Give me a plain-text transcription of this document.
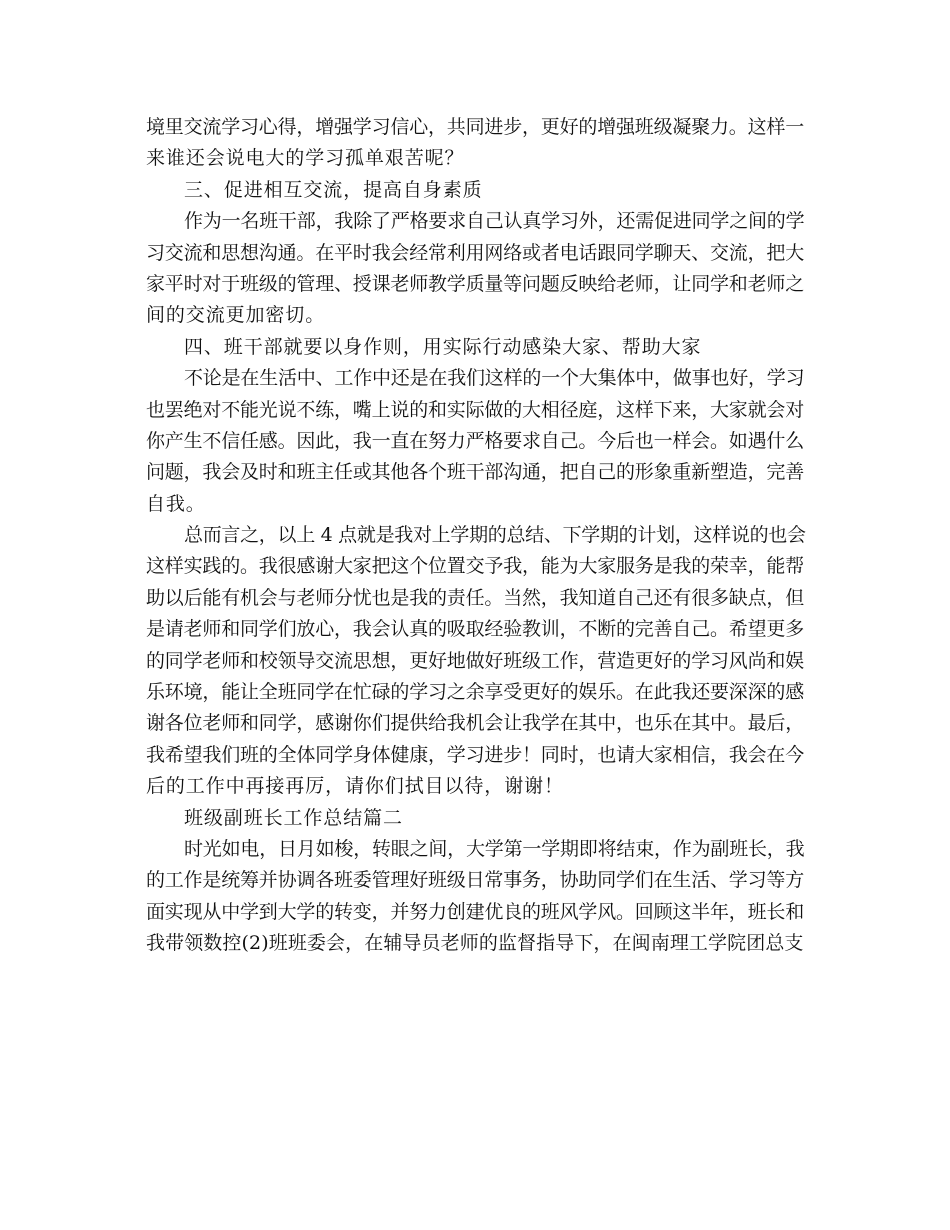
境里交流学习心得，增强学习信心，共同进步，更好的增强班级凝聚力。这样一
来谁还会说电大的学习孤单艰苦呢？
三、促进相互交流，提高自身素质
作为一名班干部，我除了严格要求自己认真学习外，还需促进同学之间的学
习交流和思想沟通。在平时我会经常利用网络或者电话跟同学聊天、交流，把大
家平时对于班级的管理、授课老师教学质量等问题反映给老师，让同学和老师之
间的交流更加密切。
四、班干部就要以身作则，用实际行动感染大家、帮助大家
不论是在生活中、工作中还是在我们这样的一个大集体中，做事也好，学习
也罢绝对不能光说不练，嘴上说的和实际做的大相径庭，这样下来，大家就会对
你产生不信任感。因此，我一直在努力严格要求自己。今后也一样会。如遇什么
问题，我会及时和班主任或其他各个班干部沟通，把自己的形象重新塑造，完善
自我。
总而言之，以上 4 点就是我对上学期的总结、下学期的计划，这样说的也会
这样实践的。我很感谢大家把这个位置交予我，能为大家服务是我的荣幸，能帮
助以后能有机会与老师分忧也是我的责任。当然，我知道自己还有很多缺点，但
是请老师和同学们放心，我会认真的吸取经验教训，不断的完善自己。希望更多
的同学老师和校领导交流思想，更好地做好班级工作，营造更好的学习风尚和娱
乐环境，能让全班同学在忙碌的学习之余享受更好的娱乐。在此我还要深深的感
谢各位老师和同学，感谢你们提供给我机会让我学在其中，也乐在其中。最后，
我希望我们班的全体同学身体健康，学习进步！同时，也请大家相信，我会在今
后的工作中再接再厉，请你们拭目以待，谢谢！
班级副班长工作总结篇二
时光如电，日月如梭，转眼之间，大学第一学期即将结束，作为副班长，我
的工作是统筹并协调各班委管理好班级日常事务，协助同学们在生活、学习等方
面实现从中学到大学的转变，并努力创建优良的班风学风。回顾这半年，班长和
我带领数控(2)班班委会，在辅导员老师的监督指导下，在闽南理工学院团总支
